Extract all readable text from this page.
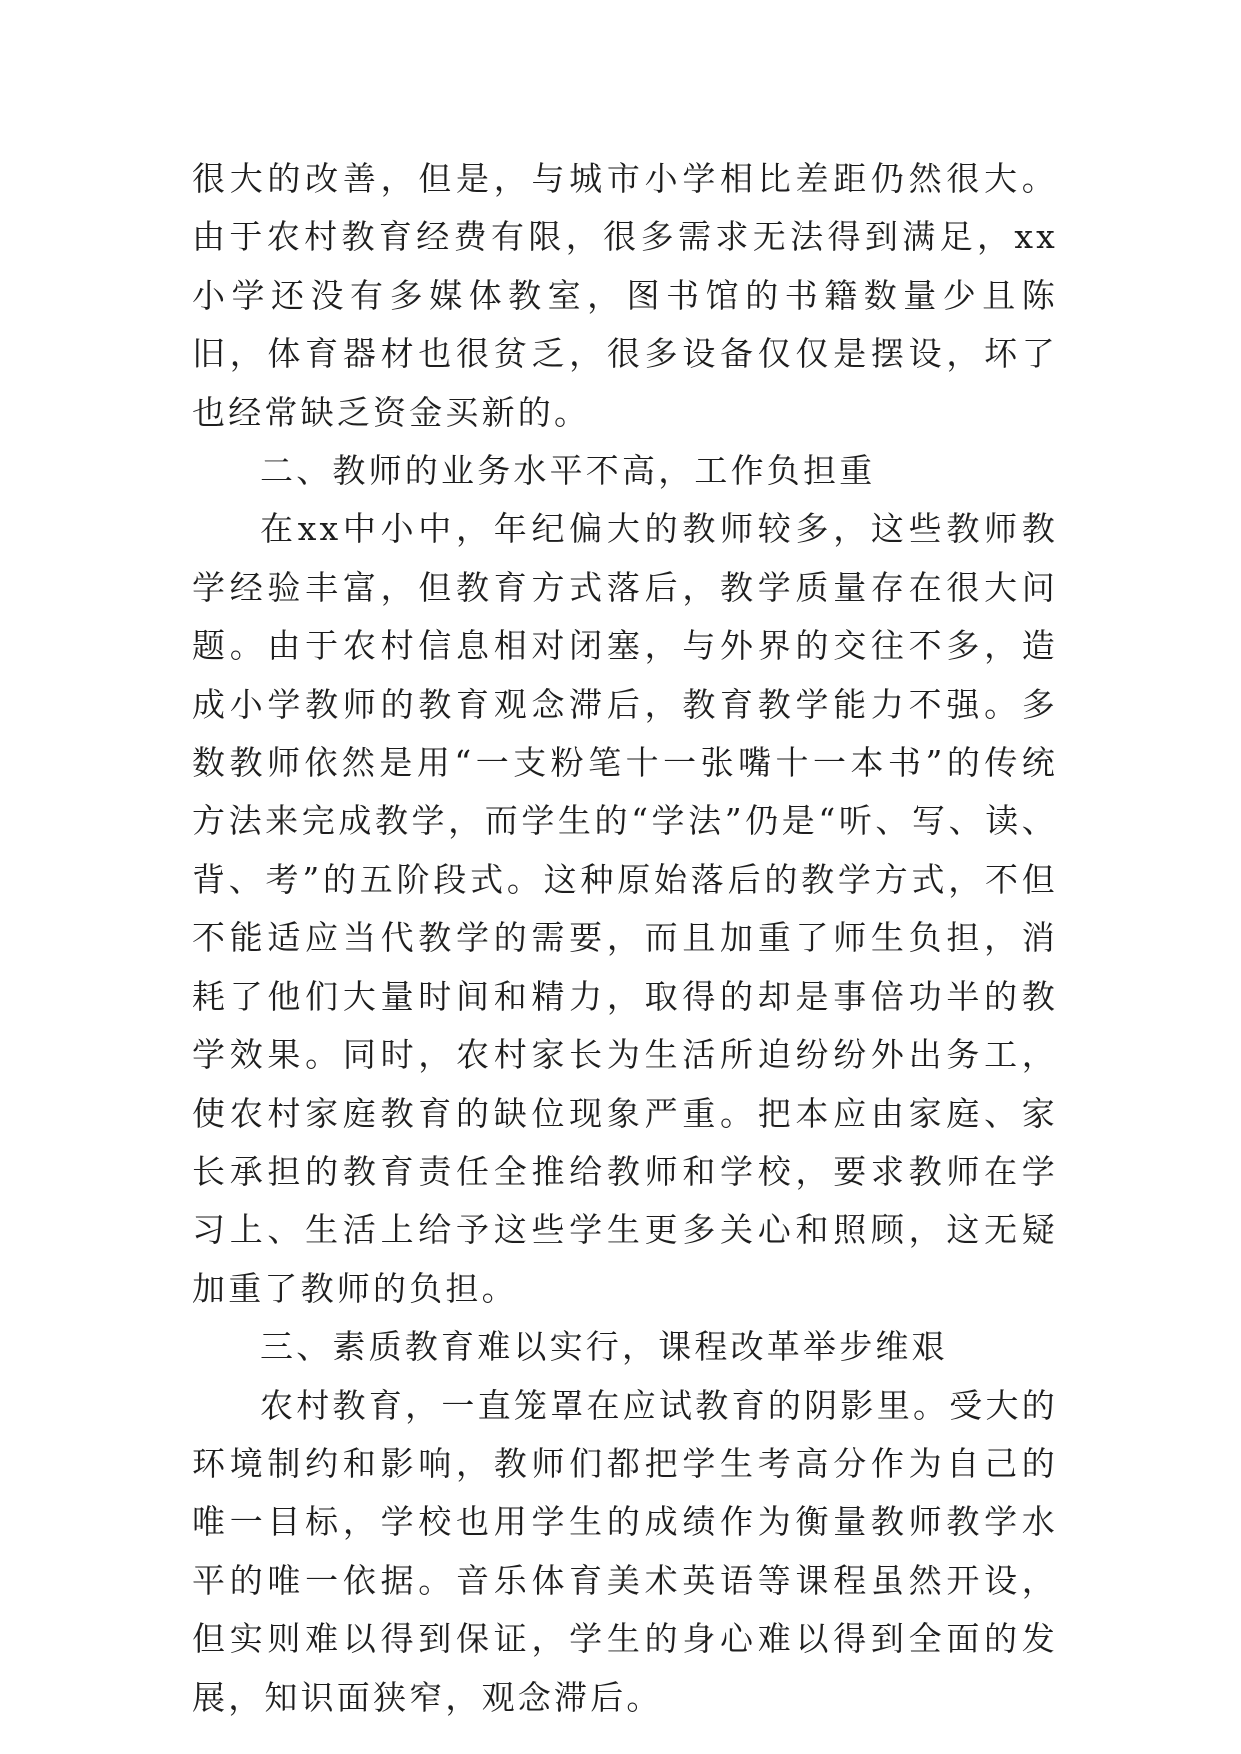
很大的改善，但是，与城市小学相比差距仍然很大。由于农村教育经费有限，很多需求无法得到满足，xx小学还没有多媒体教室，图书馆的书籍数量少且陈旧，体育器材也很贫乏，很多设备仅仅是摆设，坏了也经常缺乏资金买新的。

二、教师的业务水平不高，工作负担重

在xx中小中，年纪偏大的教师较多，这些教师教学经验丰富，但教育方式落后，教学质量存在很大问题。由于农村信息相对闭塞，与外界的交往不多，造成小学教师的教育观念滞后，教育教学能力不强。多数教师依然是用“一支粉笔十一张嘴十一本书”的传统方法来完成教学，而学生的“学法”仍是“听、写、读、背、考”的五阶段式。这种原始落后的教学方式，不但不能适应当代教学的需要，而且加重了师生负担，消耗了他们大量时间和精力，取得的却是事倍功半的教学效果。同时，农村家长为生活所迫纷纷外出务工，使农村家庭教育的缺位现象严重。把本应由家庭、家长承担的教育责任全推给教师和学校，要求教师在学习上、生活上给予这些学生更多关心和照顾，这无疑加重了教师的负担。

三、素质教育难以实行，课程改革举步维艰

农村教育，一直笼罩在应试教育的阴影里。受大的环境制约和影响，教师们都把学生考高分作为自己的唯一目标，学校也用学生的成绩作为衡量教师教学水平的唯一依据。音乐体育美术英语等课程虽然开设，但实则难以得到保证，学生的身心难以得到全面的发展，知识面狭窄，观念滞后。
